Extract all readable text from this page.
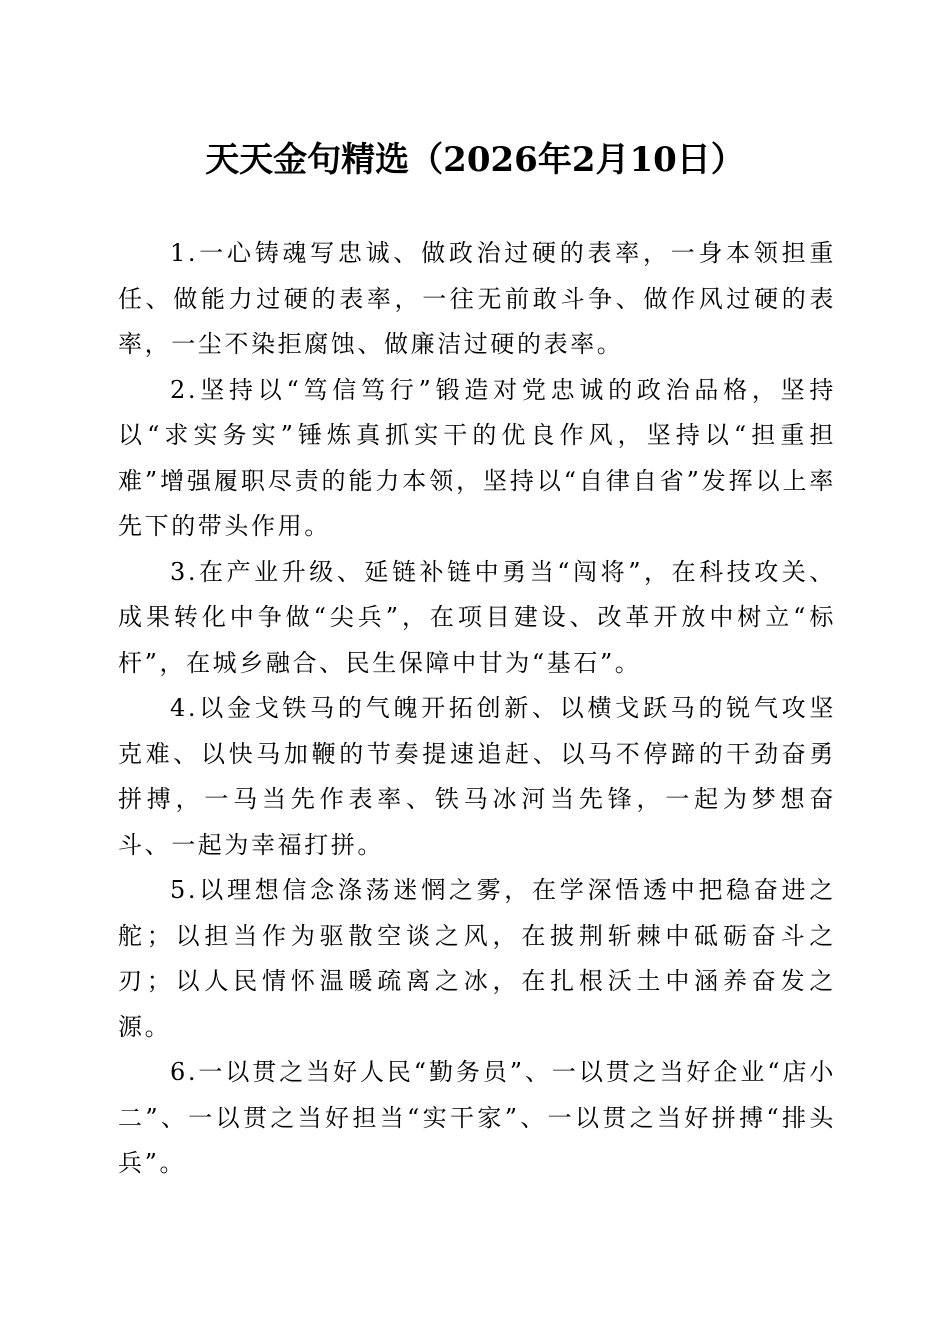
天天金句精选（2026年2月10日）

1.一心铸魂写忠诚、做政治过硬的表率，一身本领担重任、做能力过硬的表率，一往无前敢斗争、做作风过硬的表率，一尘不染拒腐蚀、做廉洁过硬的表率。

2.坚持以“笃信笃行”锻造对党忠诚的政治品格，坚持以“求实务实”锤炼真抓实干的优良作风，坚持以“担重担难”增强履职尽责的能力本领，坚持以“自律自省”发挥以上率先下的带头作用。

3.在产业升级、延链补链中勇当“闯将”，在科技攻关、成果转化中争做“尖兵”，在项目建设、改革开放中树立“标杆”，在城乡融合、民生保障中甘为“基石”。

4.以金戈铁马的气魄开拓创新、以横戈跃马的锐气攻坚克难、以快马加鞭的节奏提速追赶、以马不停蹄的干劲奋勇拼搏，一马当先作表率、铁马冰河当先锋，一起为梦想奋斗、一起为幸福打拼。

5.以理想信念涤荡迷惘之雾，在学深悟透中把稳奋进之舵；以担当作为驱散空谈之风，在披荆斩棘中砥砺奋斗之刃；以人民情怀温暖疏离之冰，在扎根沃土中涵养奋发之源。

6.一以贯之当好人民“勤务员”、一以贯之当好企业“店小二”、一以贯之当好担当“实干家”、一以贯之当好拼搏“排头兵”。
